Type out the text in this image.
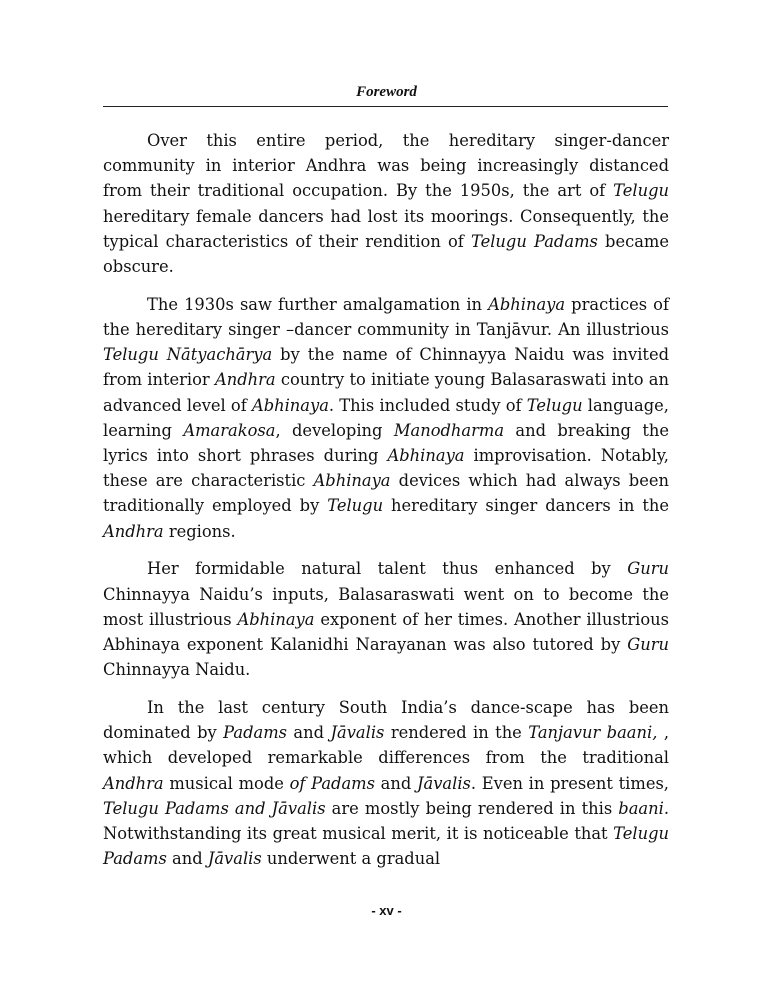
Foreword

Over this entire period, the hereditary singer-dancer community in interior Andhra was being increasingly distanced from their traditional occupation. By the 1950s, the art of Telugu hereditary female dancers had lost its moorings. Consequently, the typical characteristics of their rendition of Telugu Padams became obscure.

The 1930s saw further amalgamation in Abhinaya practices of the hereditary singer –dancer community in Tanjāvur. An illustrious Telugu Nātyachārya by the name of Chinnayya Naidu was invited from interior Andhra country to initiate young Balasaraswati into an advanced level of Abhinaya. This included study of Telugu language, learning Amarakosa, developing Manodharma and breaking the lyrics into short phrases during Abhinaya improvisation. Notably, these are characteristic Abhinaya devices which had always been traditionally employed by Telugu hereditary singer dancers in the Andhra regions.

Her formidable natural talent thus enhanced by Guru Chinnayya Naidu’s inputs, Balasaraswati went on to become the most illustrious Abhinaya exponent of her times. Another illustrious Abhinaya exponent Kalanidhi Narayanan was also tutored by Guru Chinnayya Naidu.

In the last century South India’s dance-scape has been dominated by Padams and Jāvalis rendered in the Tanjavur baani, , which developed remarkable differences from the traditional Andhra musical mode of Padams and Jāvalis. Even in present times, Telugu Padams and Jāvalis are mostly being rendered in this baani. Notwithstanding its great musical merit, it is noticeable that Telugu Padams and Jāvalis underwent a gradual

- xv -
